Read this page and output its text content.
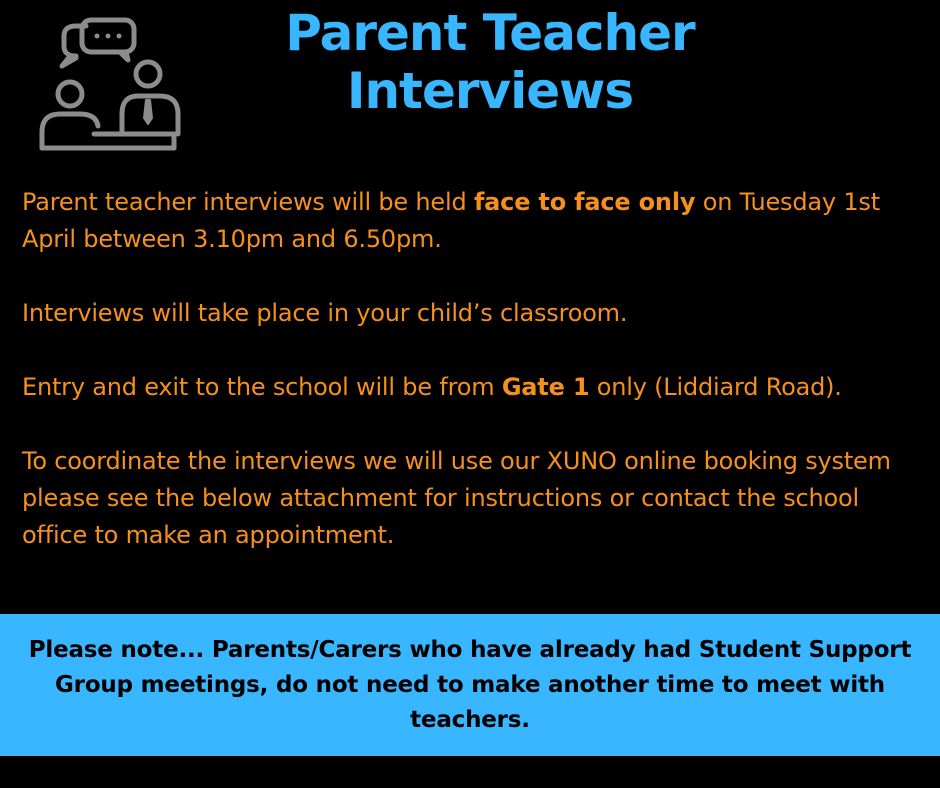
Parent Teacher
Interviews

Parent teacher interviews will be held face to face only on Tuesday 1st April between 3.10pm and 6.50pm.

Interviews will take place in your child’s classroom.

Entry and exit to the school will be from Gate 1 only (Liddiard Road).

To coordinate the interviews we will use our XUNO online booking system please see the below attachment for instructions or contact the school office to make an appointment.

Please note... Parents/Carers who have already had Student Support Group meetings, do not need to make another time to meet with teachers.
